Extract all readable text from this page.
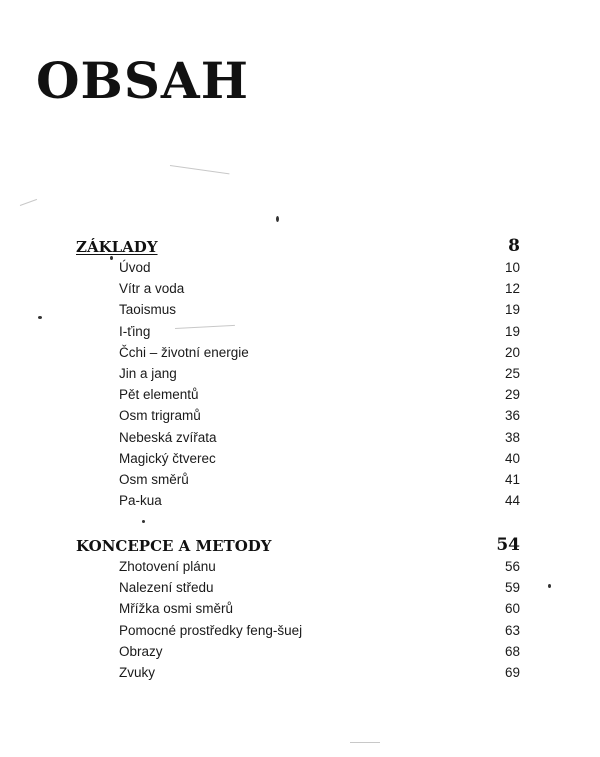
OBSAH
ZÁKLADY	8
Úvod	10
Vítr a voda	12
Taoismus	19
I-ťing	19
Čchi – životní energie	20
Jin a jang	25
Pět elementů	29
Osm trigramů	36
Nebeská zvířata	38
Magický čtverec	40
Osm směrů	41
Pa-kua	44
KONCEPCE A METODY	54
Zhotovení plánu	56
Nalezení středu	59
Mřížka osmi směrů	60
Pomocné prostředky feng-šuej	63
Obrazy	68
Zvuky	69
